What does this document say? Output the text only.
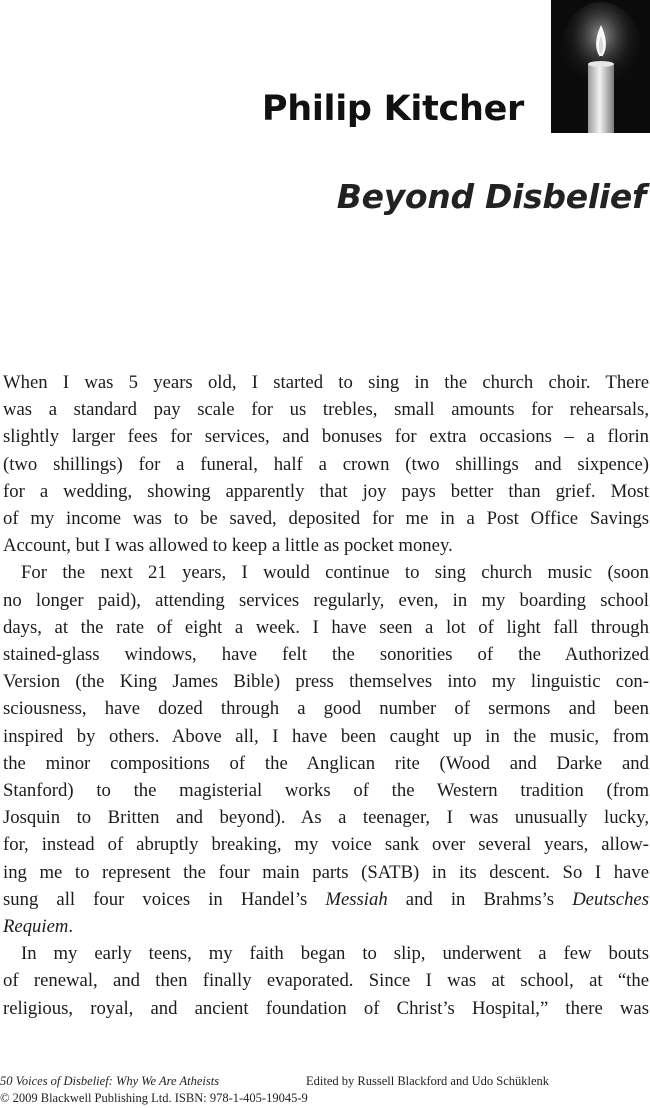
Philip Kitcher
Beyond Disbelief

When I was 5 years old, I started to sing in the church choir. There
was a standard pay scale for us trebles, small amounts for rehearsals,
slightly larger fees for services, and bonuses for extra occasions – a florin
(two shillings) for a funeral, half a crown (two shillings and sixpence)
for a wedding, showing apparently that joy pays better than grief. Most
of my income was to be saved, deposited for me in a Post Office Savings
Account, but I was allowed to keep a little as pocket money.

For the next 21 years, I would continue to sing church music (soon
no longer paid), attending services regularly, even, in my boarding school
days, at the rate of eight a week. I have seen a lot of light fall through
stained-glass windows, have felt the sonorities of the Authorized
Version (the King James Bible) press themselves into my linguistic con-
sciousness, have dozed through a good number of sermons and been
inspired by others. Above all, I have been caught up in the music, from
the minor compositions of the Anglican rite (Wood and Darke and
Stanford) to the magisterial works of the Western tradition (from
Josquin to Britten and beyond). As a teenager, I was unusually lucky,
for, instead of abruptly breaking, my voice sank over several years, allow-
ing me to represent the four main parts (SATB) in its descent. So I have
sung all four voices in Handel’s Messiah and in Brahms’s Deutsches
Requiem.

In my early teens, my faith began to slip, underwent a few bouts
of renewal, and then finally evaporated. Since I was at school, at “the
religious, royal, and ancient foundation of Christ’s Hospital,” there was

50 Voices of Disbelief: Why We Are Atheists	Edited by Russell Blackford and Udo Schüklenk
© 2009 Blackwell Publishing Ltd. ISBN: 978-1-405-19045-9
